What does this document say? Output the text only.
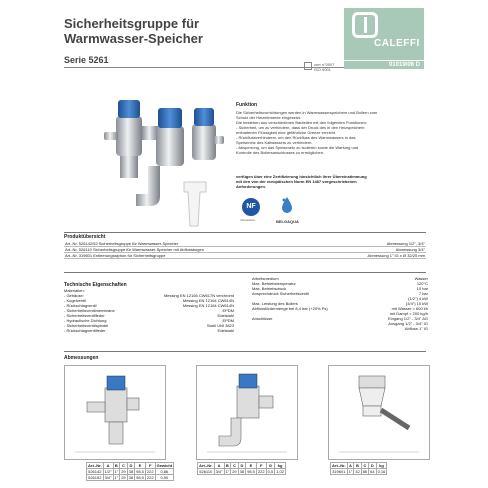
Sicherheitsgruppe für
Warmwasser-Speicher
Serie 5261	cert n°0007
ISO 9001
CALEFFI
01019/06 D
Funktion
Die Sicherheitsvorrichtungen werden in Warmwasserspeichern und Boilern zum
Schutz der Heizelemente eingesetzt.
Die bestehen aus verschiedenen Bauteilen mit den folgenden Funktionen:
- Sicherheit, um zu verhindern, dass der Druck des in den Heizspeichern
enthaltenen Flüssigkeit eine gefährliche Grenze erreicht.
- Rückflussverhinderer, um den Rückfluss des Warmwassers in das
Speisenetz des Kaltwassers zu verhindern.
- Absperrung, um das Speisenetz zu isolieren sowie die Wartung und
Kontrolle des Boilersanschlusses zu ermöglichen.
verfügen über eine Zertifizierung hinsichtlich ihrer Übereinstimmung
mit den von der europäischen Norm EN 1487 vorgeschriebenen
Anforderungen.
NF
robinetterie	BELGAQUA
Produktübersicht
Art.-Nr. 526142/52 Sicherheitsgruppe für Warmwasser-Speicher	Abmessung 1/2", 3/4"
Art.-Nr. 526110 Sicherheitsgruppe für Warmwasser-Speicher mit Abflussbogen	Abmessung 3/4"
Art.-Nr. 319601 Entleerungssiphon für Sicherheitsgruppe	Abmessung 1" IG x Ø 32/25 mm
Technische Eigenschaften
Materialien:
- Gehäuse:	Messing EN 12165 CW617N verchromt
- Kugelventil	Messing EN 12164 CW614N
- Rückschlagventil	Messing EN 12164 CW614N
- Sicherheitsventilmembrane	EPDM
- Sicherheitsventilfeder	Edelstahl
- Hydraulische Dichtung	EPDM
- Sicherheitsventilspindel	Stahl UNI 3823
- Rückschlagventilfeder	Edelstahl
Arbeitsmedium	Wasser
Max. Betriebstemperatur	120°C
Max. Betriebsdruck	10 bar
Ansprechdruck Sicherheitsventil	7 bar
(1/2") 4 kW
Max. Leistung des Boilers	(3/4") 10 kW
Abflussfördermenge bei 8,4 bar (+20% Ps)	mit Wasser > 600 l/h
mit Dampf > 200 kg/h
Anschlüsse	Eingang 1/2" - 3/4" AG
Ausgang 1/2" - 3/4" IG
Abfluss 1" IG
Abmessungen
Art.-Nr.	A	B	C	D	E	F	Gewicht
526142	1/2"	1"	29	38	98,5	222	0,86
526152	3/4"	1"	29	38	98,5	222	0,90
Art.-Nr.	A	B	C	D	E	F	G	kg
526110	3/4"	1"	29	38	98,5	222	0,5	1,02
Art.-Nr.	A	B	C	D	kg
319601	1"	32	86	64	0,16
